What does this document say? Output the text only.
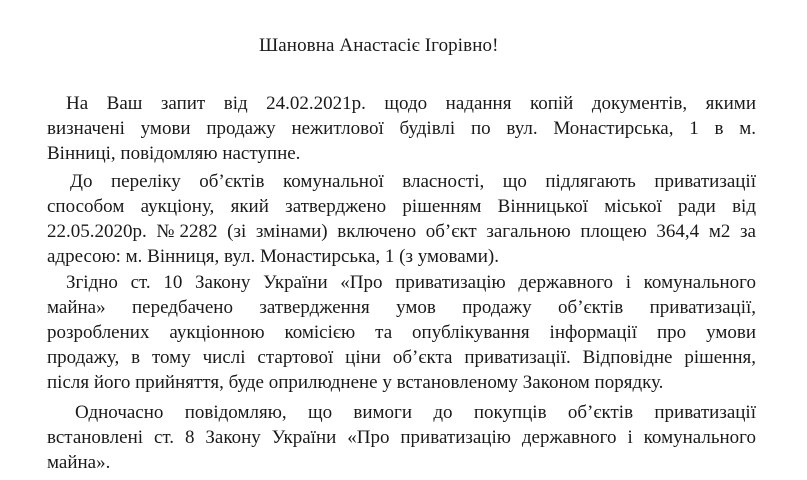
Шановна Анастасіє Ігорівно!
На Ваш запит від 24.02.2021р. щодо надання копій документів, якими
визначені умови продажу нежитлової будівлі по вул. Монастирська, 1 в м.
Вінниці, повідомляю наступне.
До переліку об’єктів комунальної власності, що підлягають приватизації
способом аукціону, який затверджено рішенням Вінницької міської ради від
22.05.2020р. №2282 (зі змінами) включено об’єкт загальною площею 364,4 м2 за
адресою: м. Вінниця, вул. Монастирська, 1 (з умовами).
Згідно ст. 10 Закону України «Про приватизацію державного і комунального
майна» передбачено затвердження умов продажу об’єктів приватизації,
розроблених аукціонною комісією та опублікування інформації про умови
продажу, в тому числі стартової ціни об’єкта приватизації. Відповідне рішення,
після його прийняття, буде оприлюднене у встановленому Законом порядку.
Одночасно повідомляю, що вимоги до покупців об’єктів приватизації
встановлені ст. 8 Закону України «Про приватизацію державного і комунального
майна».
